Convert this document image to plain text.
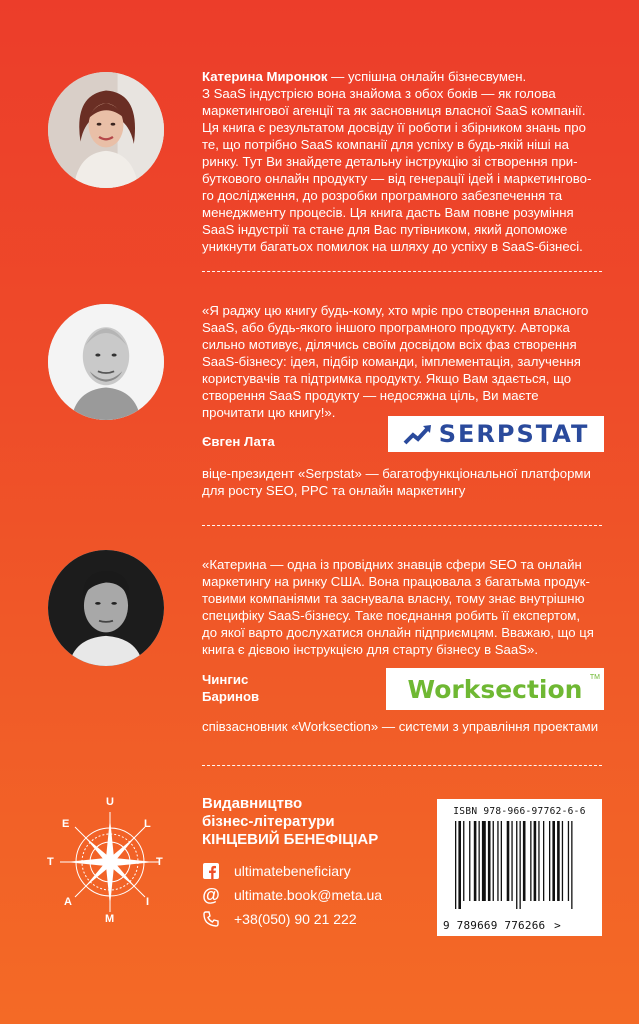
Катерина Миронюк — успішна онлайн бізнесвумен.
З SaaS індустрією вона знайома з обох боків — як голова
маркетингової агенції та як засновниця власної SaaS компанії.
Ця книга є результатом досвіду її роботи і збірником знань про
те, що потрібно SaaS компанії для успіху в будь-якій ніші на
ринку. Тут Ви знайдете детальну інструкцію зі створення при-
буткового онлайн продукту — від генерації ідей і маркетингово-
го дослідження, до розробки програмного забезпечення та
менеджменту процесів. Ця книга дасть Вам повне розуміння
SaaS індустрії та стане для Вас путівником, який допоможе
уникнути багатьох помилок на шляху до успіху в SaaS-бізнесі.
«Я раджу цю книгу будь-кому, хто мріє про створення власного
SaaS, або будь-якого іншого програмного продукту. Авторка
сильно мотивує, ділячись своїм досвідом всіх фаз створення
SaaS-бізнесу: ідея, підбір команди, імплементація, залучення
користувачів та підтримка продукту. Якщо Вам здається, що
створення SaaS продукту — недосяжна ціль, Ви маєте
прочитати цю книгу!».
Євген Лата	SERPSTAT
віце-президент «Serpstat» — багатофункціональної платформи
для росту SEO, PPC та онлайн маркетингу
«Катерина — одна із провідних знавців сфери SEO та онлайн
маркетингу на ринку США. Вона працювала з багатьма продук-
товими компаніями та заснувала власну, тому знає внутрішню
специфіку SaaS-бізнесу. Таке поєднання робить її експертом,
до якої варто дослухатися онлайн підприємцям. Вважаю, що ця
книга є дієвою інструкцією для старту бізнесу в SaaS».
Чингис
Баринов	Worksection TM
співзасновник «Worksection» — системи з управління проектами
U
L
T
I
M
A
T
E
Видавництво
бізнес-літератури
КІНЦЕВИЙ БЕНЕФІЦІАР
ultimatebeneficiary
@ ultimate.book@meta.ua
+38(050) 90 21 222
ISBN 978-966-97762-6-6
9 789669 776266 >
